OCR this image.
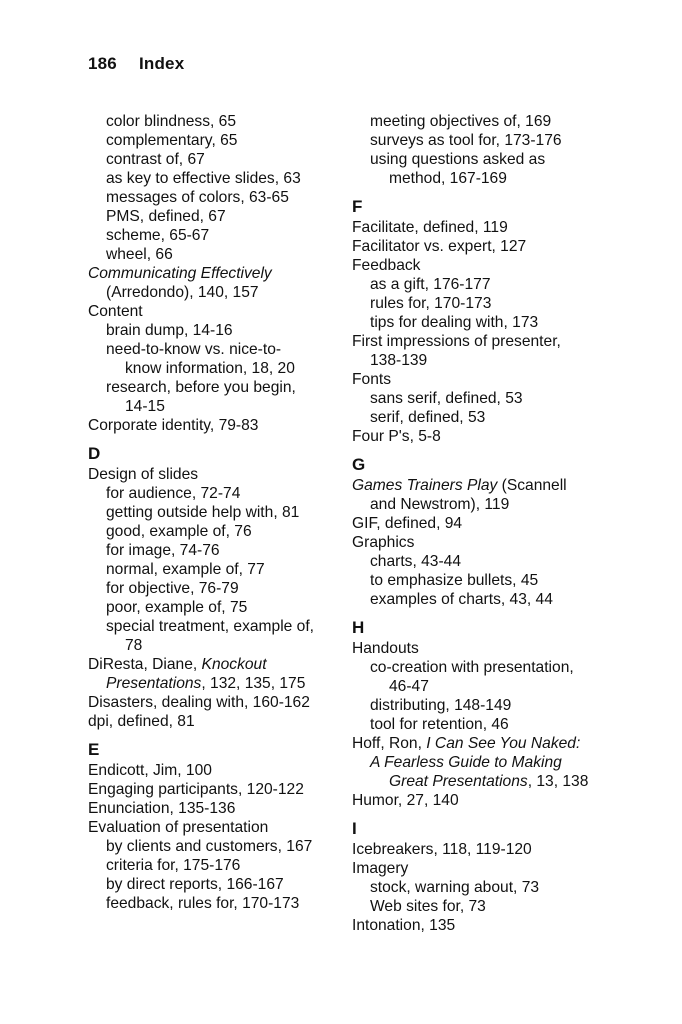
186 Index
color blindness, 65
complementary, 65
contrast of, 67
as key to effective slides, 63
messages of colors, 63-65
PMS, defined, 67
scheme, 65-67
wheel, 66
Communicating Effectively
(Arredondo), 140, 157
Content
brain dump, 14-16
need-to-know vs. nice-to-
know information, 18, 20
research, before you begin,
14-15
Corporate identity, 79-83
D
Design of slides
for audience, 72-74
getting outside help with, 81
good, example of, 76
for image, 74-76
normal, example of, 77
for objective, 76-79
poor, example of, 75
special treatment, example of,
78
DiResta, Diane, Knockout
Presentations, 132, 135, 175
Disasters, dealing with, 160-162
dpi, defined, 81
E
Endicott, Jim, 100
Engaging participants, 120-122
Enunciation, 135-136
Evaluation of presentation
by clients and customers, 167
criteria for, 175-176
by direct reports, 166-167
feedback, rules for, 170-173
meeting objectives of, 169
surveys as tool for, 173-176
using questions asked as
method, 167-169
F
Facilitate, defined, 119
Facilitator vs. expert, 127
Feedback
as a gift, 176-177
rules for, 170-173
tips for dealing with, 173
First impressions of presenter,
138-139
Fonts
sans serif, defined, 53
serif, defined, 53
Four P's, 5-8
G
Games Trainers Play (Scannell
and Newstrom), 119
GIF, defined, 94
Graphics
charts, 43-44
to emphasize bullets, 45
examples of charts, 43, 44
H
Handouts
co-creation with presentation,
46-47
distributing, 148-149
tool for retention, 46
Hoff, Ron, I Can See You Naked:
A Fearless Guide to Making
Great Presentations, 13, 138
Humor, 27, 140
I
Icebreakers, 118, 119-120
Imagery
stock, warning about, 73
Web sites for, 73
Intonation, 135
